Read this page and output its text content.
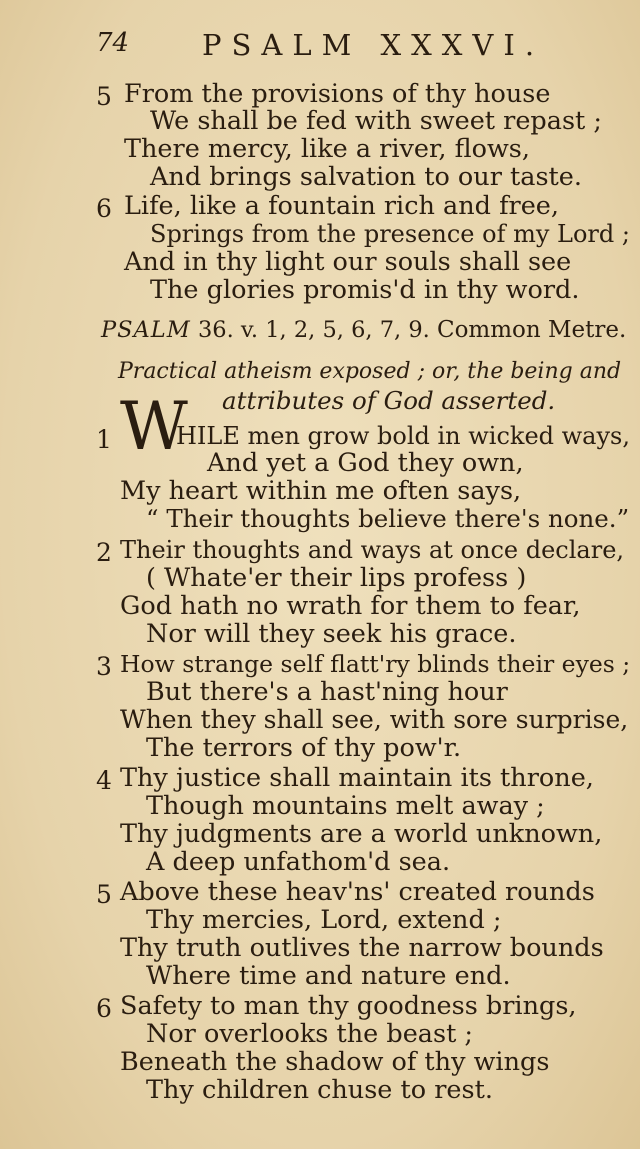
74	PSALM XXXVI.
5 From the provisions of thy house
We shall be fed with sweet repast ;
There mercy, like a river, flows,
And brings salvation to our taste.
6 Life, like a fountain rich and free,
Springs from the presence of my Lord ;
And in thy light our souls shall see
The glories promis'd in thy word.
PSALM 36. v. 1, 2, 5, 6, 7, 9. Common Metre.
Practical atheism exposed ; or, the being and
attributes of God asserted.
1 W
HILE men grow bold in wicked ways,
And yet a God they own,
My heart within me often says,
“ Their thoughts believe there's none.”
2 Their thoughts and ways at once declare,
( Whate'er their lips profess )
God hath no wrath for them to fear,
Nor will they seek his grace.
3 How strange self flatt'ry blinds their eyes ;
But there's a hast'ning hour
When they shall see, with sore surprise,
The terrors of thy pow'r.
4 Thy justice shall maintain its throne,
Though mountains melt away ;
Thy judgments are a world unknown,
A deep unfathom'd sea.
5 Above these heav'ns' created rounds
Thy mercies, Lord, extend ;
Thy truth outlives the narrow bounds
Where time and nature end.
6 Safety to man thy goodness brings,
Nor overlooks the beast ;
Beneath the shadow of thy wings
Thy children chuse to rest.
